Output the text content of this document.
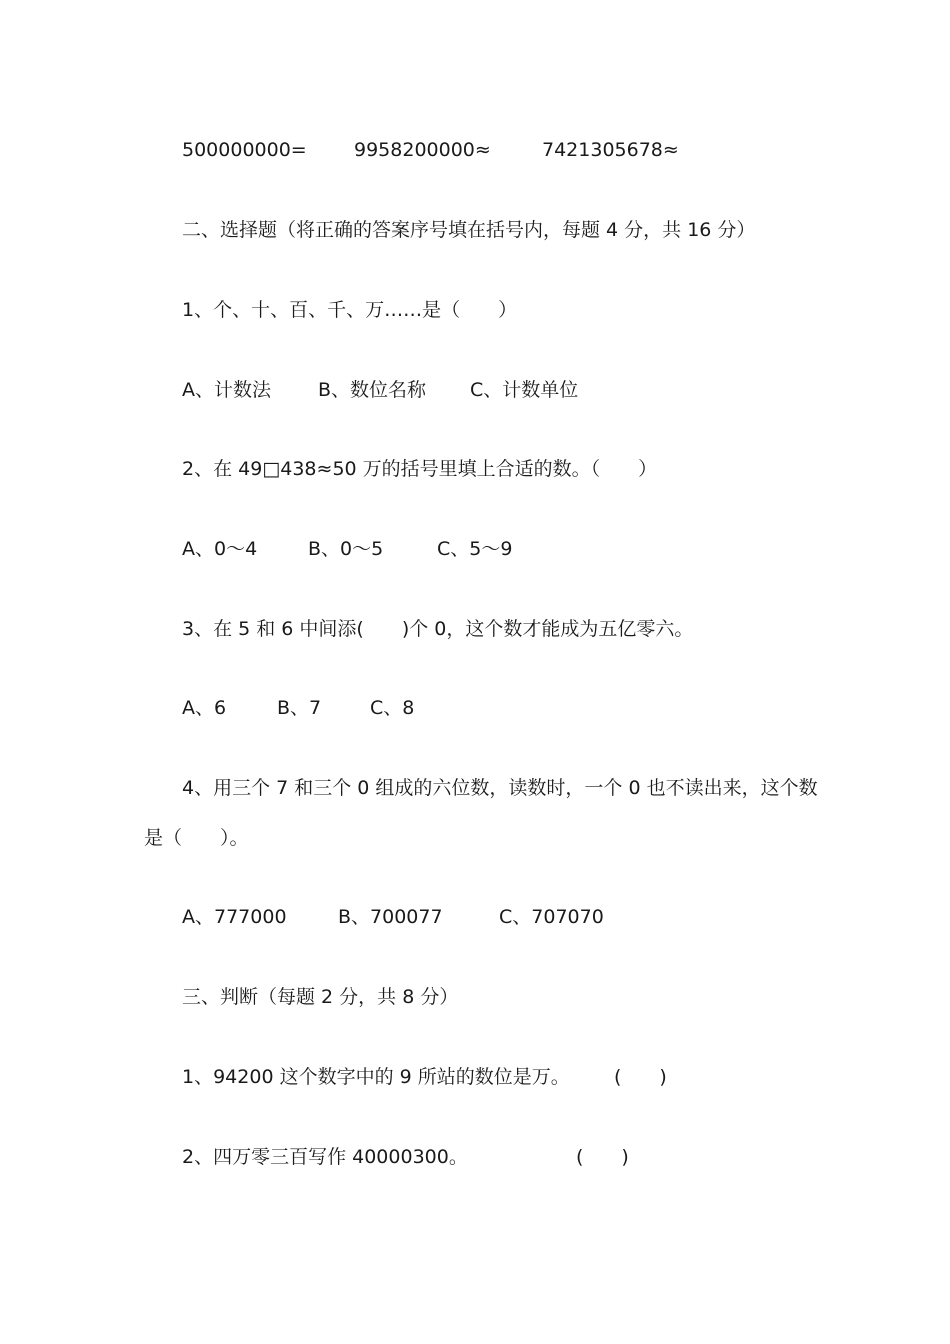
500000000= 9958200000≈	7421305678≈
二、选择题（将正确的答案序号填在括号内，每题 4 分，共 16 分）
1、个、十、百、千、万……是（　　）
A、计数法 B、数位名称 C、计数单位
2、在 49□438≈50 万的括号里填上合适的数。（　　）
A、0～4	B、0～5	C、5～9
3、在 5 和 6 中间添(　　)个 0，这个数才能成为五亿零六。
A、6	B、7	C、8
4、用三个 7 和三个 0 组成的六位数，读数时，一个 0 也不读出来，这个数
是（　　）。
A、777000	B、700077	C、707070
三、判断（每题 2 分，共 8 分）
1、94200 这个数字中的 9 所站的数位是万。 (　　)
2、四万零三百写作 40000300。	(　　)
